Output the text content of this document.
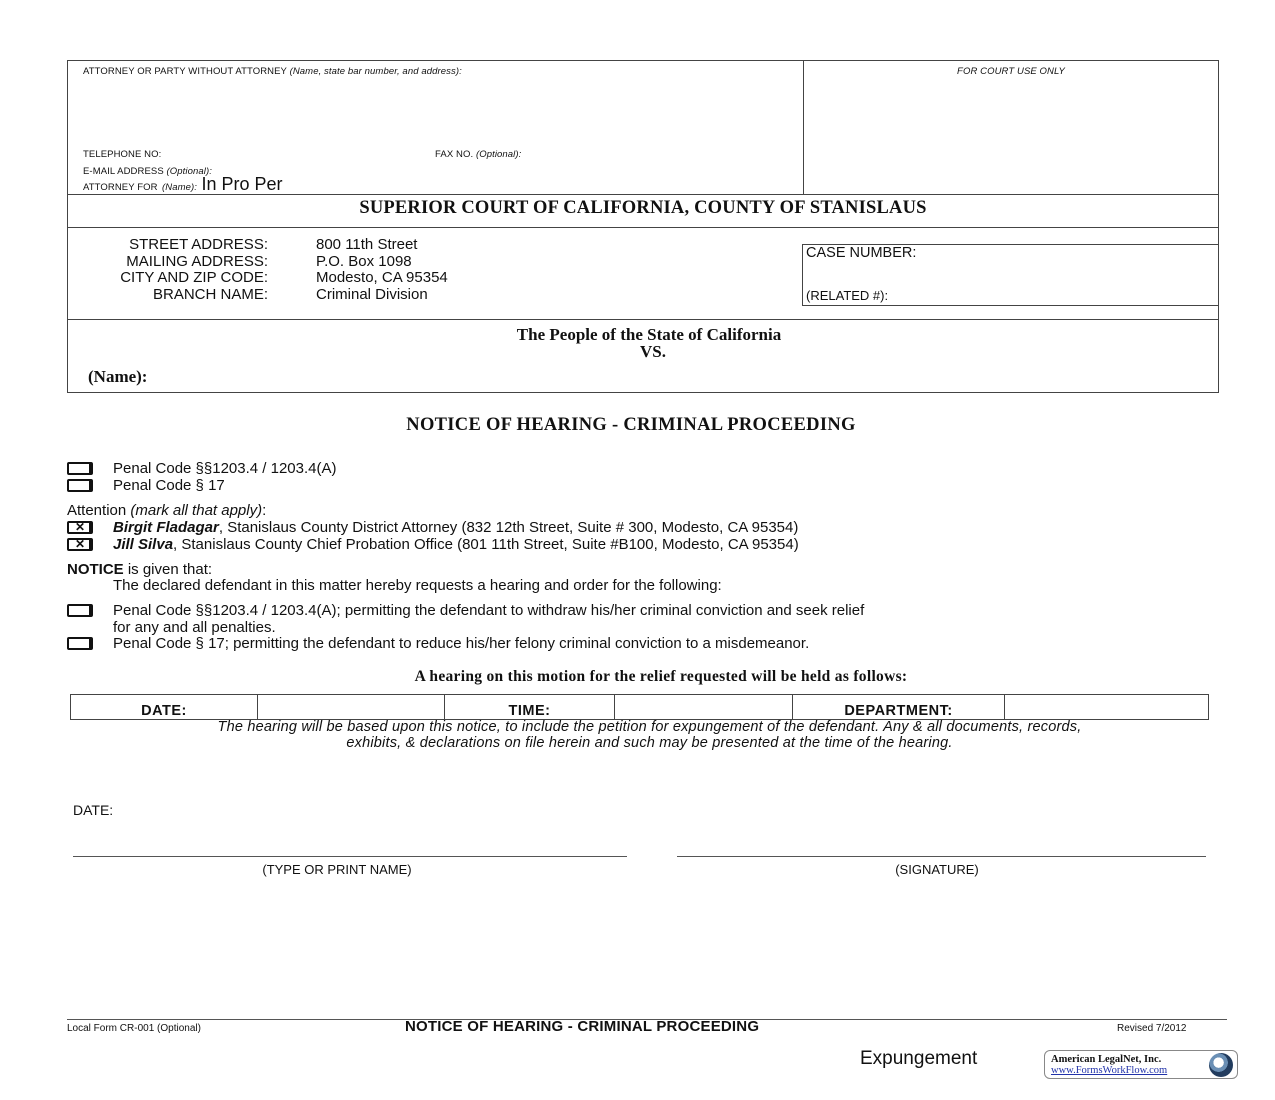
ATTORNEY OR PARTY WITHOUT ATTORNEY (Name, state bar number, and address):
TELEPHONE NO:	FAX NO. (Optional):
E-MAIL ADDRESS (Optional):
ATTORNEY FOR (Name): In Pro Per
FOR COURT USE ONLY
SUPERIOR COURT OF CALIFORNIA, COUNTY OF STANISLAUS
STREET ADDRESS:	800 11th Street
MAILING ADDRESS:	P.O. Box 1098
CITY AND ZIP CODE:	Modesto, CA 95354
BRANCH NAME:	Criminal Division
CASE NUMBER:
(RELATED #):
The People of the State of California
VS.
(Name):
NOTICE OF HEARING - CRIMINAL PROCEEDING
Penal Code §§1203.4 / 1203.4(A)
Penal Code § 17
Attention (mark all that apply):
✕ Birgit Fladagar, Stanislaus County District Attorney (832 12th Street, Suite # 300, Modesto, CA 95354)
✕ Jill Silva, Stanislaus County Chief Probation Office (801 11th Street, Suite #B100, Modesto, CA 95354)
NOTICE is given that:
The declared defendant in this matter hereby requests a hearing and order for the following:
Penal Code §§1203.4 / 1203.4(A); permitting the defendant to withdraw his/her criminal conviction and seek relief
for any and all penalties.
Penal Code § 17; permitting the defendant to reduce his/her felony criminal conviction to a misdemeanor.
A hearing on this motion for the relief requested will be held as follows:
DATE:		TIME:		DEPARTMENT:	
The hearing will be based upon this notice, to include the petition for expungement of the defendant. Any & all documents, records,
exhibits, & declarations on file herein and such may be presented at the time of the hearing.
DATE:
(TYPE OR PRINT NAME)	(SIGNATURE)
Local Form CR-001 (Optional)	NOTICE OF HEARING - CRIMINAL PROCEEDING	Revised 7/2012
Expungement	American LegalNet, Inc.
www.FormsWorkFlow.com
